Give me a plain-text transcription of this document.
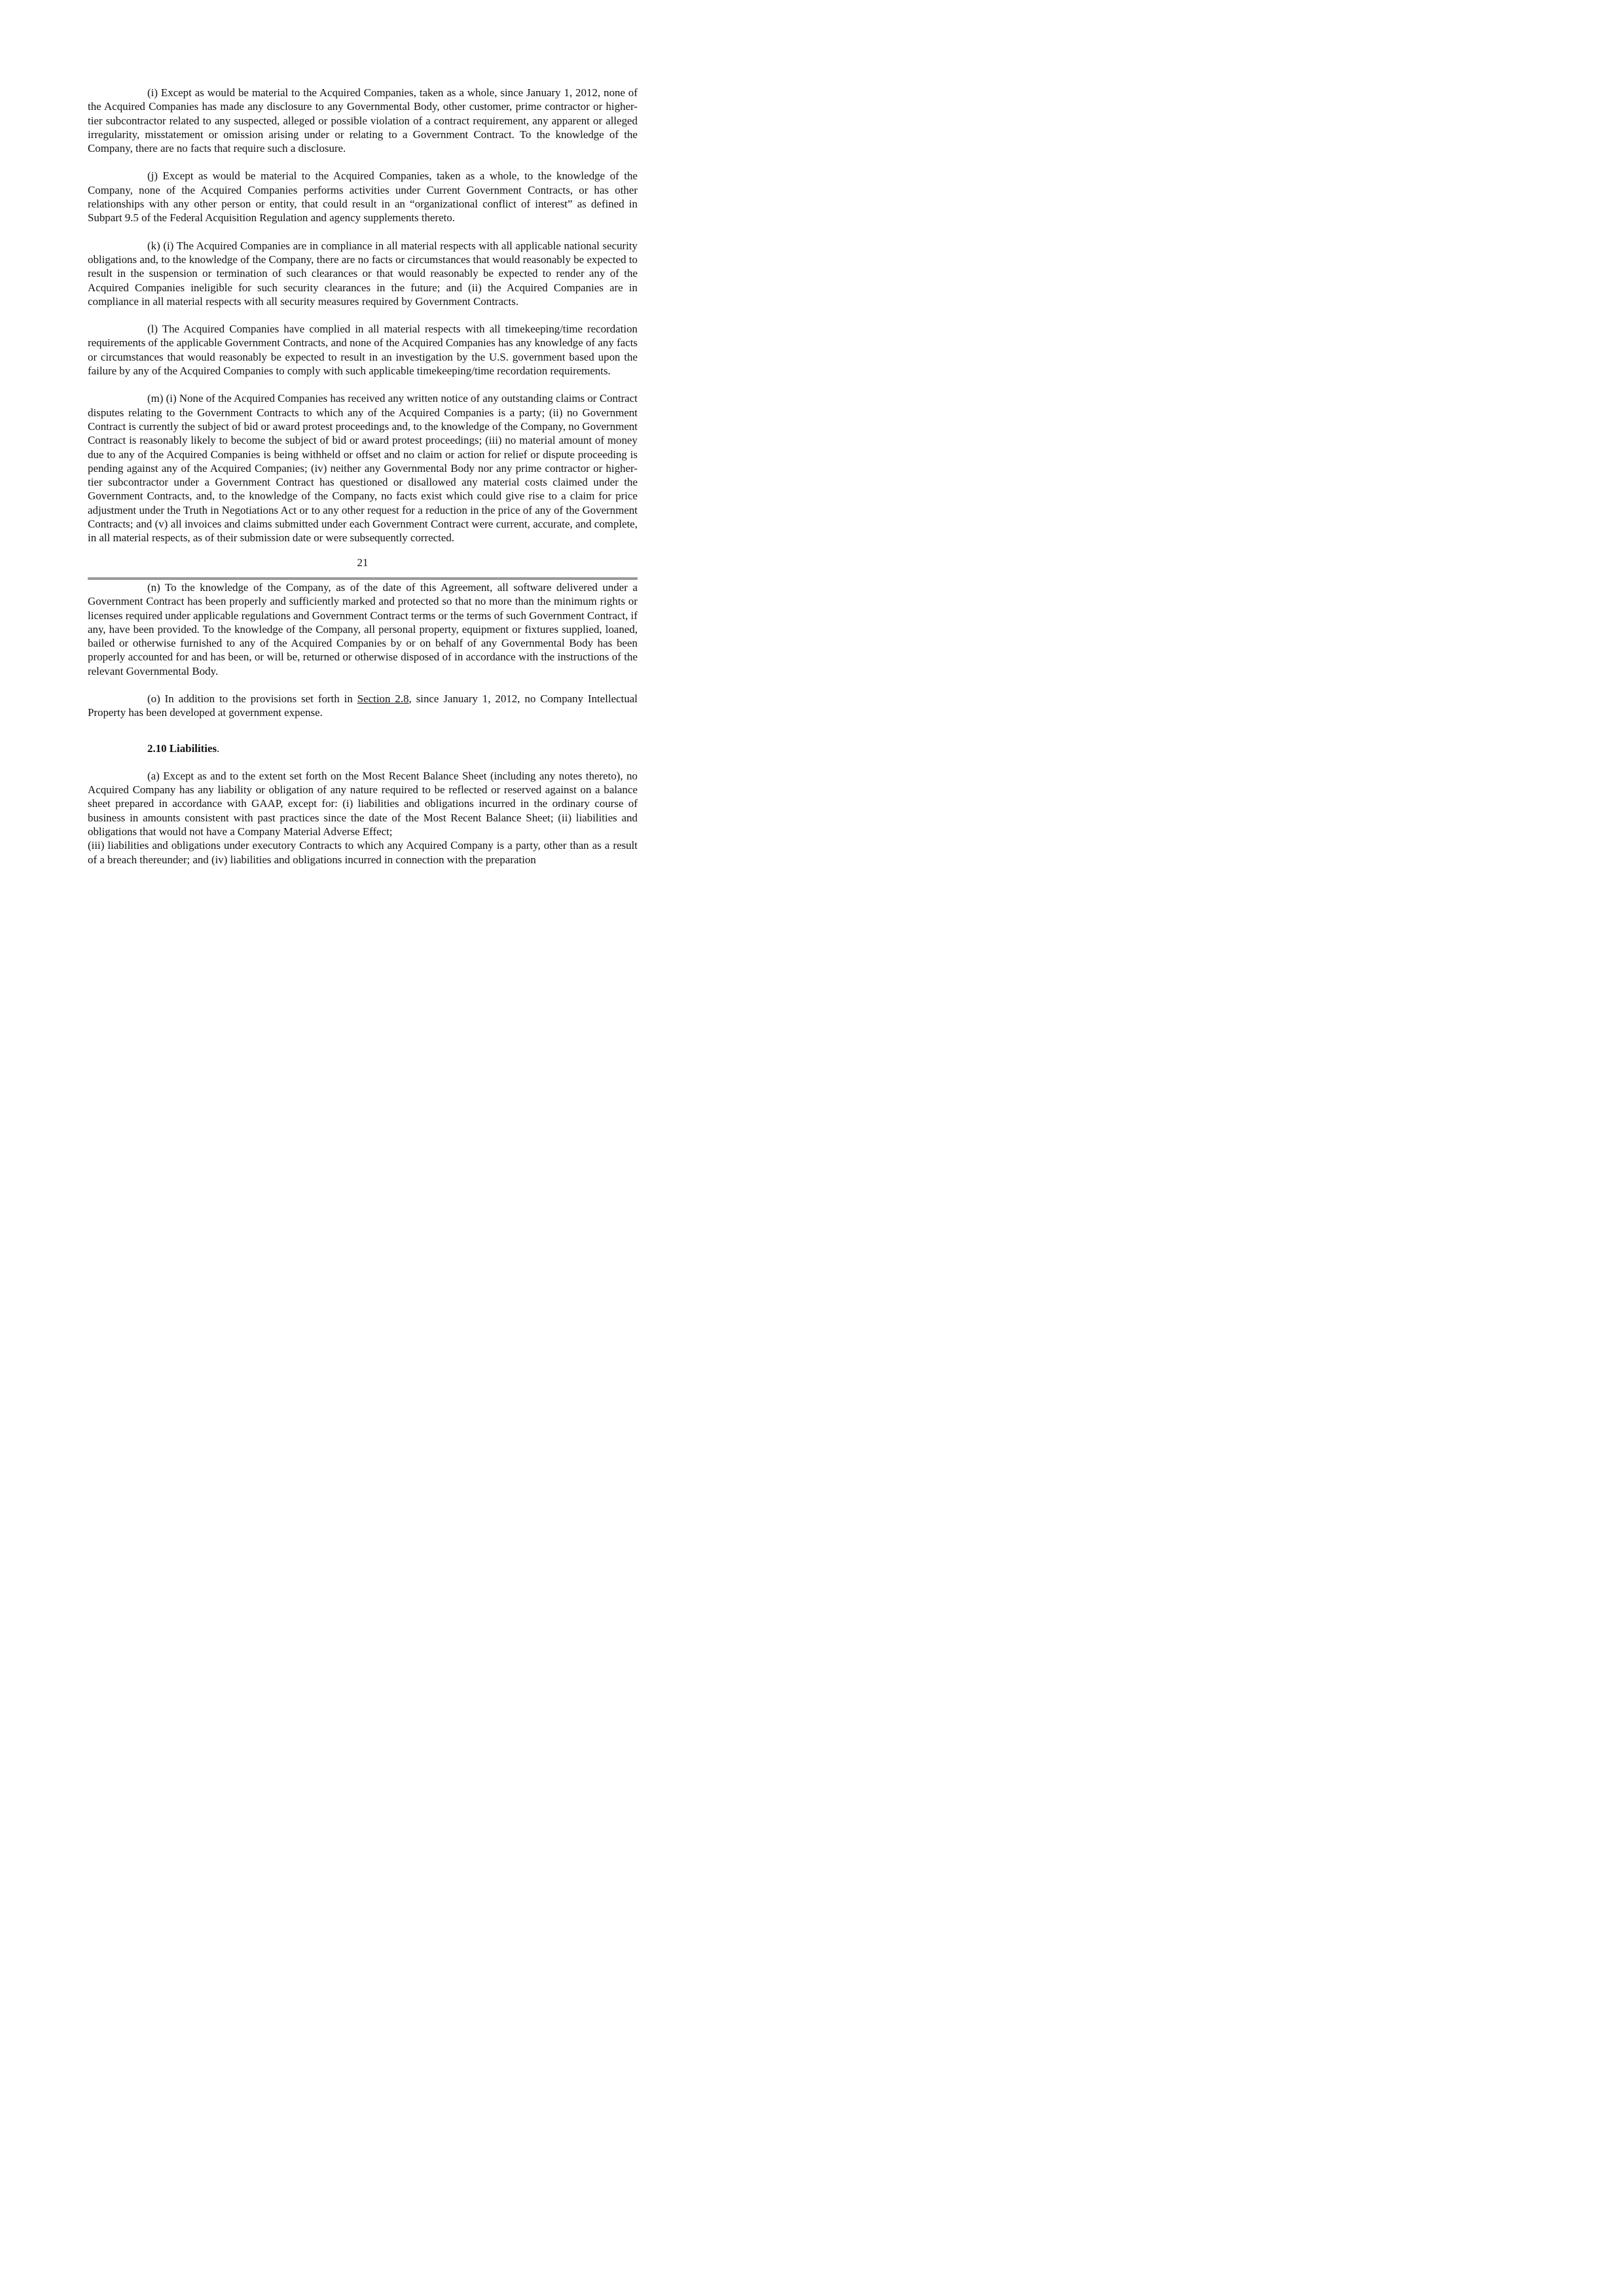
(i) Except as would be material to the Acquired Companies, taken as a whole, since January 1, 2012, none of the Acquired Companies has made any disclosure to any Governmental Body, other customer, prime contractor or higher-tier subcontractor related to any suspected, alleged or possible violation of a contract requirement, any apparent or alleged irregularity, misstatement or omission arising under or relating to a Government Contract. To the knowledge of the Company, there are no facts that require such a disclosure.

(j) Except as would be material to the Acquired Companies, taken as a whole, to the knowledge of the Company, none of the Acquired Companies performs activities under Current Government Contracts, or has other relationships with any other person or entity, that could result in an “organizational conflict of interest” as defined in Subpart 9.5 of the Federal Acquisition Regulation and agency supplements thereto.

(k) (i) The Acquired Companies are in compliance in all material respects with all applicable national security obligations and, to the knowledge of the Company, there are no facts or circumstances that would reasonably be expected to result in the suspension or termination of such clearances or that would reasonably be expected to render any of the Acquired Companies ineligible for such security clearances in the future; and (ii) the Acquired Companies are in compliance in all material respects with all security measures required by Government Contracts.

(l) The Acquired Companies have complied in all material respects with all timekeeping/time recordation requirements of the applicable Government Contracts, and none of the Acquired Companies has any knowledge of any facts or circumstances that would reasonably be expected to result in an investigation by the U.S. government based upon the failure by any of the Acquired Companies to comply with such applicable timekeeping/time recordation requirements.

(m) (i) None of the Acquired Companies has received any written notice of any outstanding claims or Contract disputes relating to the Government Contracts to which any of the Acquired Companies is a party; (ii) no Government Contract is currently the subject of bid or award protest proceedings and, to the knowledge of the Company, no Government Contract is reasonably likely to become the subject of bid or award protest proceedings; (iii) no material amount of money due to any of the Acquired Companies is being withheld or offset and no claim or action for relief or dispute proceeding is pending against any of the Acquired Companies; (iv) neither any Governmental Body nor any prime contractor or higher-tier subcontractor under a Government Contract has questioned or disallowed any material costs claimed under the Government Contracts, and, to the knowledge of the Company, no facts exist which could give rise to a claim for price adjustment under the Truth in Negotiations Act or to any other request for a reduction in the price of any of the Government Contracts; and (v) all invoices and claims submitted under each Government Contract were current, accurate, and complete, in all material respects, as of their submission date or were subsequently corrected.

21

(n) To the knowledge of the Company, as of the date of this Agreement, all software delivered under a Government Contract has been properly and sufficiently marked and protected so that no more than the minimum rights or licenses required under applicable regulations and Government Contract terms or the terms of such Government Contract, if any, have been provided. To the knowledge of the Company, all personal property, equipment or fixtures supplied, loaned, bailed or otherwise furnished to any of the Acquired Companies by or on behalf of any Governmental Body has been properly accounted for and has been, or will be, returned or otherwise disposed of in accordance with the instructions of the relevant Governmental Body.

(o) In addition to the provisions set forth in Section 2.8, since January 1, 2012, no Company Intellectual Property has been developed at government expense.

2.10 Liabilities.

(a) Except as and to the extent set forth on the Most Recent Balance Sheet (including any notes thereto), no Acquired Company has any liability or obligation of any nature required to be reflected or reserved against on a balance sheet prepared in accordance with GAAP, except for: (i) liabilities and obligations incurred in the ordinary course of business in amounts consistent with past practices since the date of the Most Recent Balance Sheet; (ii) liabilities and obligations that would not have a Company Material Adverse Effect;

(iii) liabilities and obligations under executory Contracts to which any Acquired Company is a party, other than as a result of a breach thereunder; and (iv) liabilities and obligations incurred in connection with the preparation
